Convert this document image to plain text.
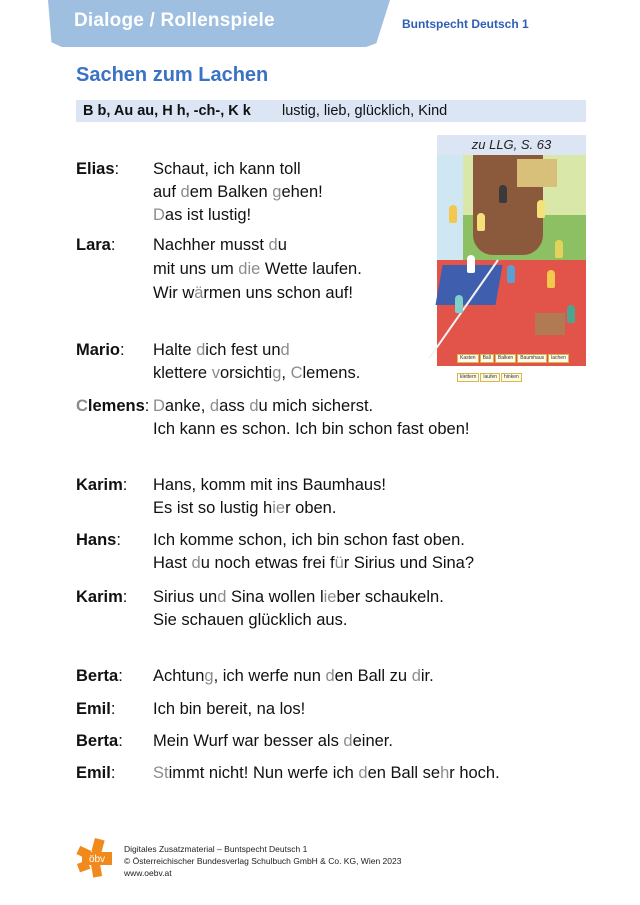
Dialoge / Rollenspiele	Buntspecht Deutsch 1
Sachen zum Lachen
B b, Au au, H h, -ch-, K k lustig, lieb, glücklich, Kind
zu LLG, S. 63
Kasten Ball Balken Baumhaus lachenklettern laufen hinken
Elias: Schaut, ich kann toll
auf dem Balken gehen!
Das ist lustig!
Lara: Nachher musst du
mit uns um die Wette laufen.
Wir wärmen uns schon auf!
Mario: Halte dich fest und
klettere vorsichtig, Clemens.
Clemens: Danke, dass du mich sicherst.
Ich kann es schon. Ich bin schon fast oben!
Karim: Hans, komm mit ins Baumhaus!
Es ist so lustig hier oben.
Hans: Ich komme schon, ich bin schon fast oben.
Hast du noch etwas frei für Sirius und Sina?
Karim: Sirius und Sina wollen lieber schaukeln.
Sie schauen glücklich aus.
Berta: Achtung, ich werfe nun den Ball zu dir.
Emil: Ich bin bereit, na los!
Berta: Mein Wurf war besser als deiner.
Emil: Stimmt nicht! Nun werfe ich den Ball sehr hoch.
öbv
Digitales Zusatzmaterial – Buntspecht Deutsch 1
© Österreichischer Bundesverlag Schulbuch GmbH & Co. KG, Wien 2023
www.oebv.at
